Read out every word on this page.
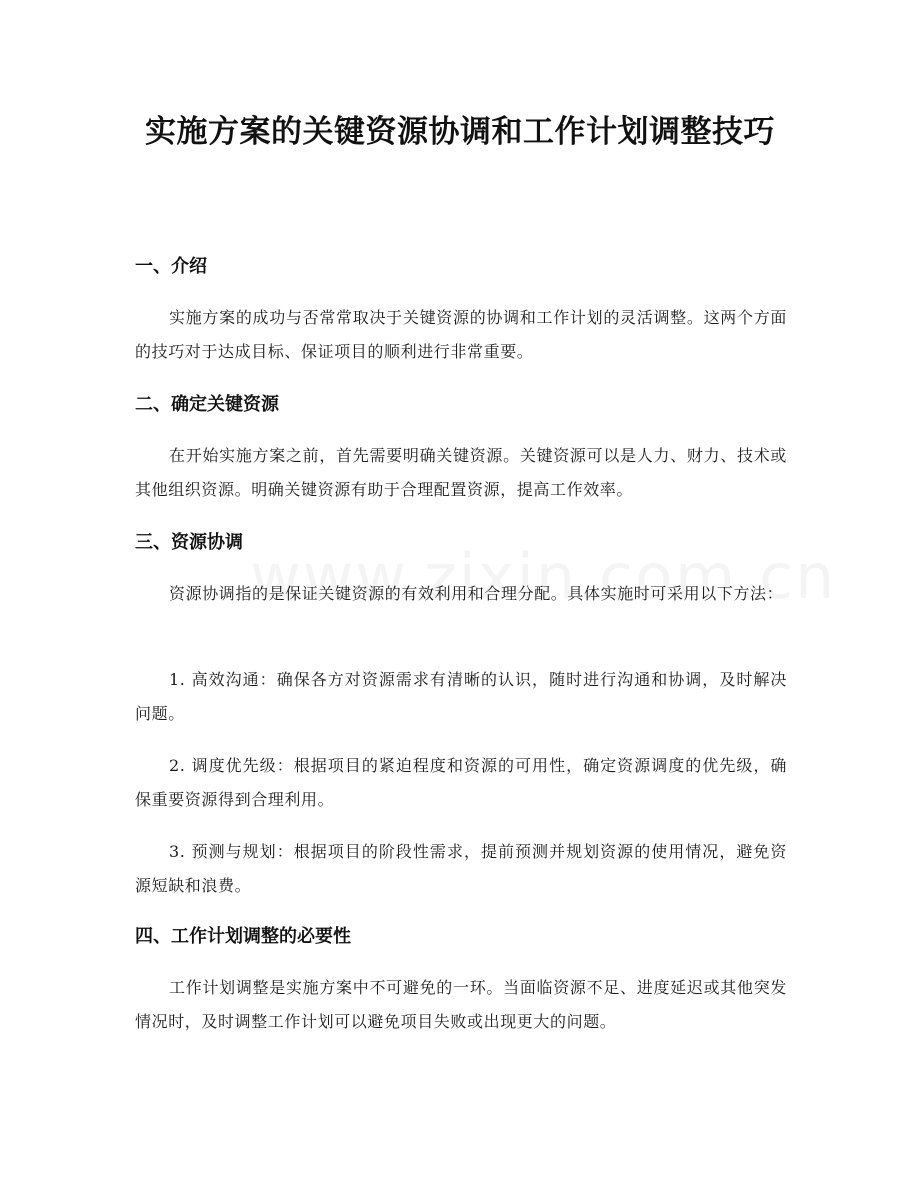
实施方案的关键资源协调和工作计划调整技巧
一、介绍
实施方案的成功与否常常取决于关键资源的协调和工作计划的灵活调整。这两个方面的技巧对于达成目标、保证项目的顺利进行非常重要。
二、确定关键资源
在开始实施方案之前，首先需要明确关键资源。关键资源可以是人力、财力、技术或其他组织资源。明确关键资源有助于合理配置资源，提高工作效率。
三、资源协调
资源协调指的是保证关键资源的有效利用和合理分配。具体实施时可采用以下方法：
1. 高效沟通：确保各方对资源需求有清晰的认识，随时进行沟通和协调，及时解决问题。
2. 调度优先级：根据项目的紧迫程度和资源的可用性，确定资源调度的优先级，确保重要资源得到合理利用。
3. 预测与规划：根据项目的阶段性需求，提前预测并规划资源的使用情况，避免资源短缺和浪费。
四、工作计划调整的必要性
工作计划调整是实施方案中不可避免的一环。当面临资源不足、进度延迟或其他突发情况时，及时调整工作计划可以避免项目失败或出现更大的问题。
